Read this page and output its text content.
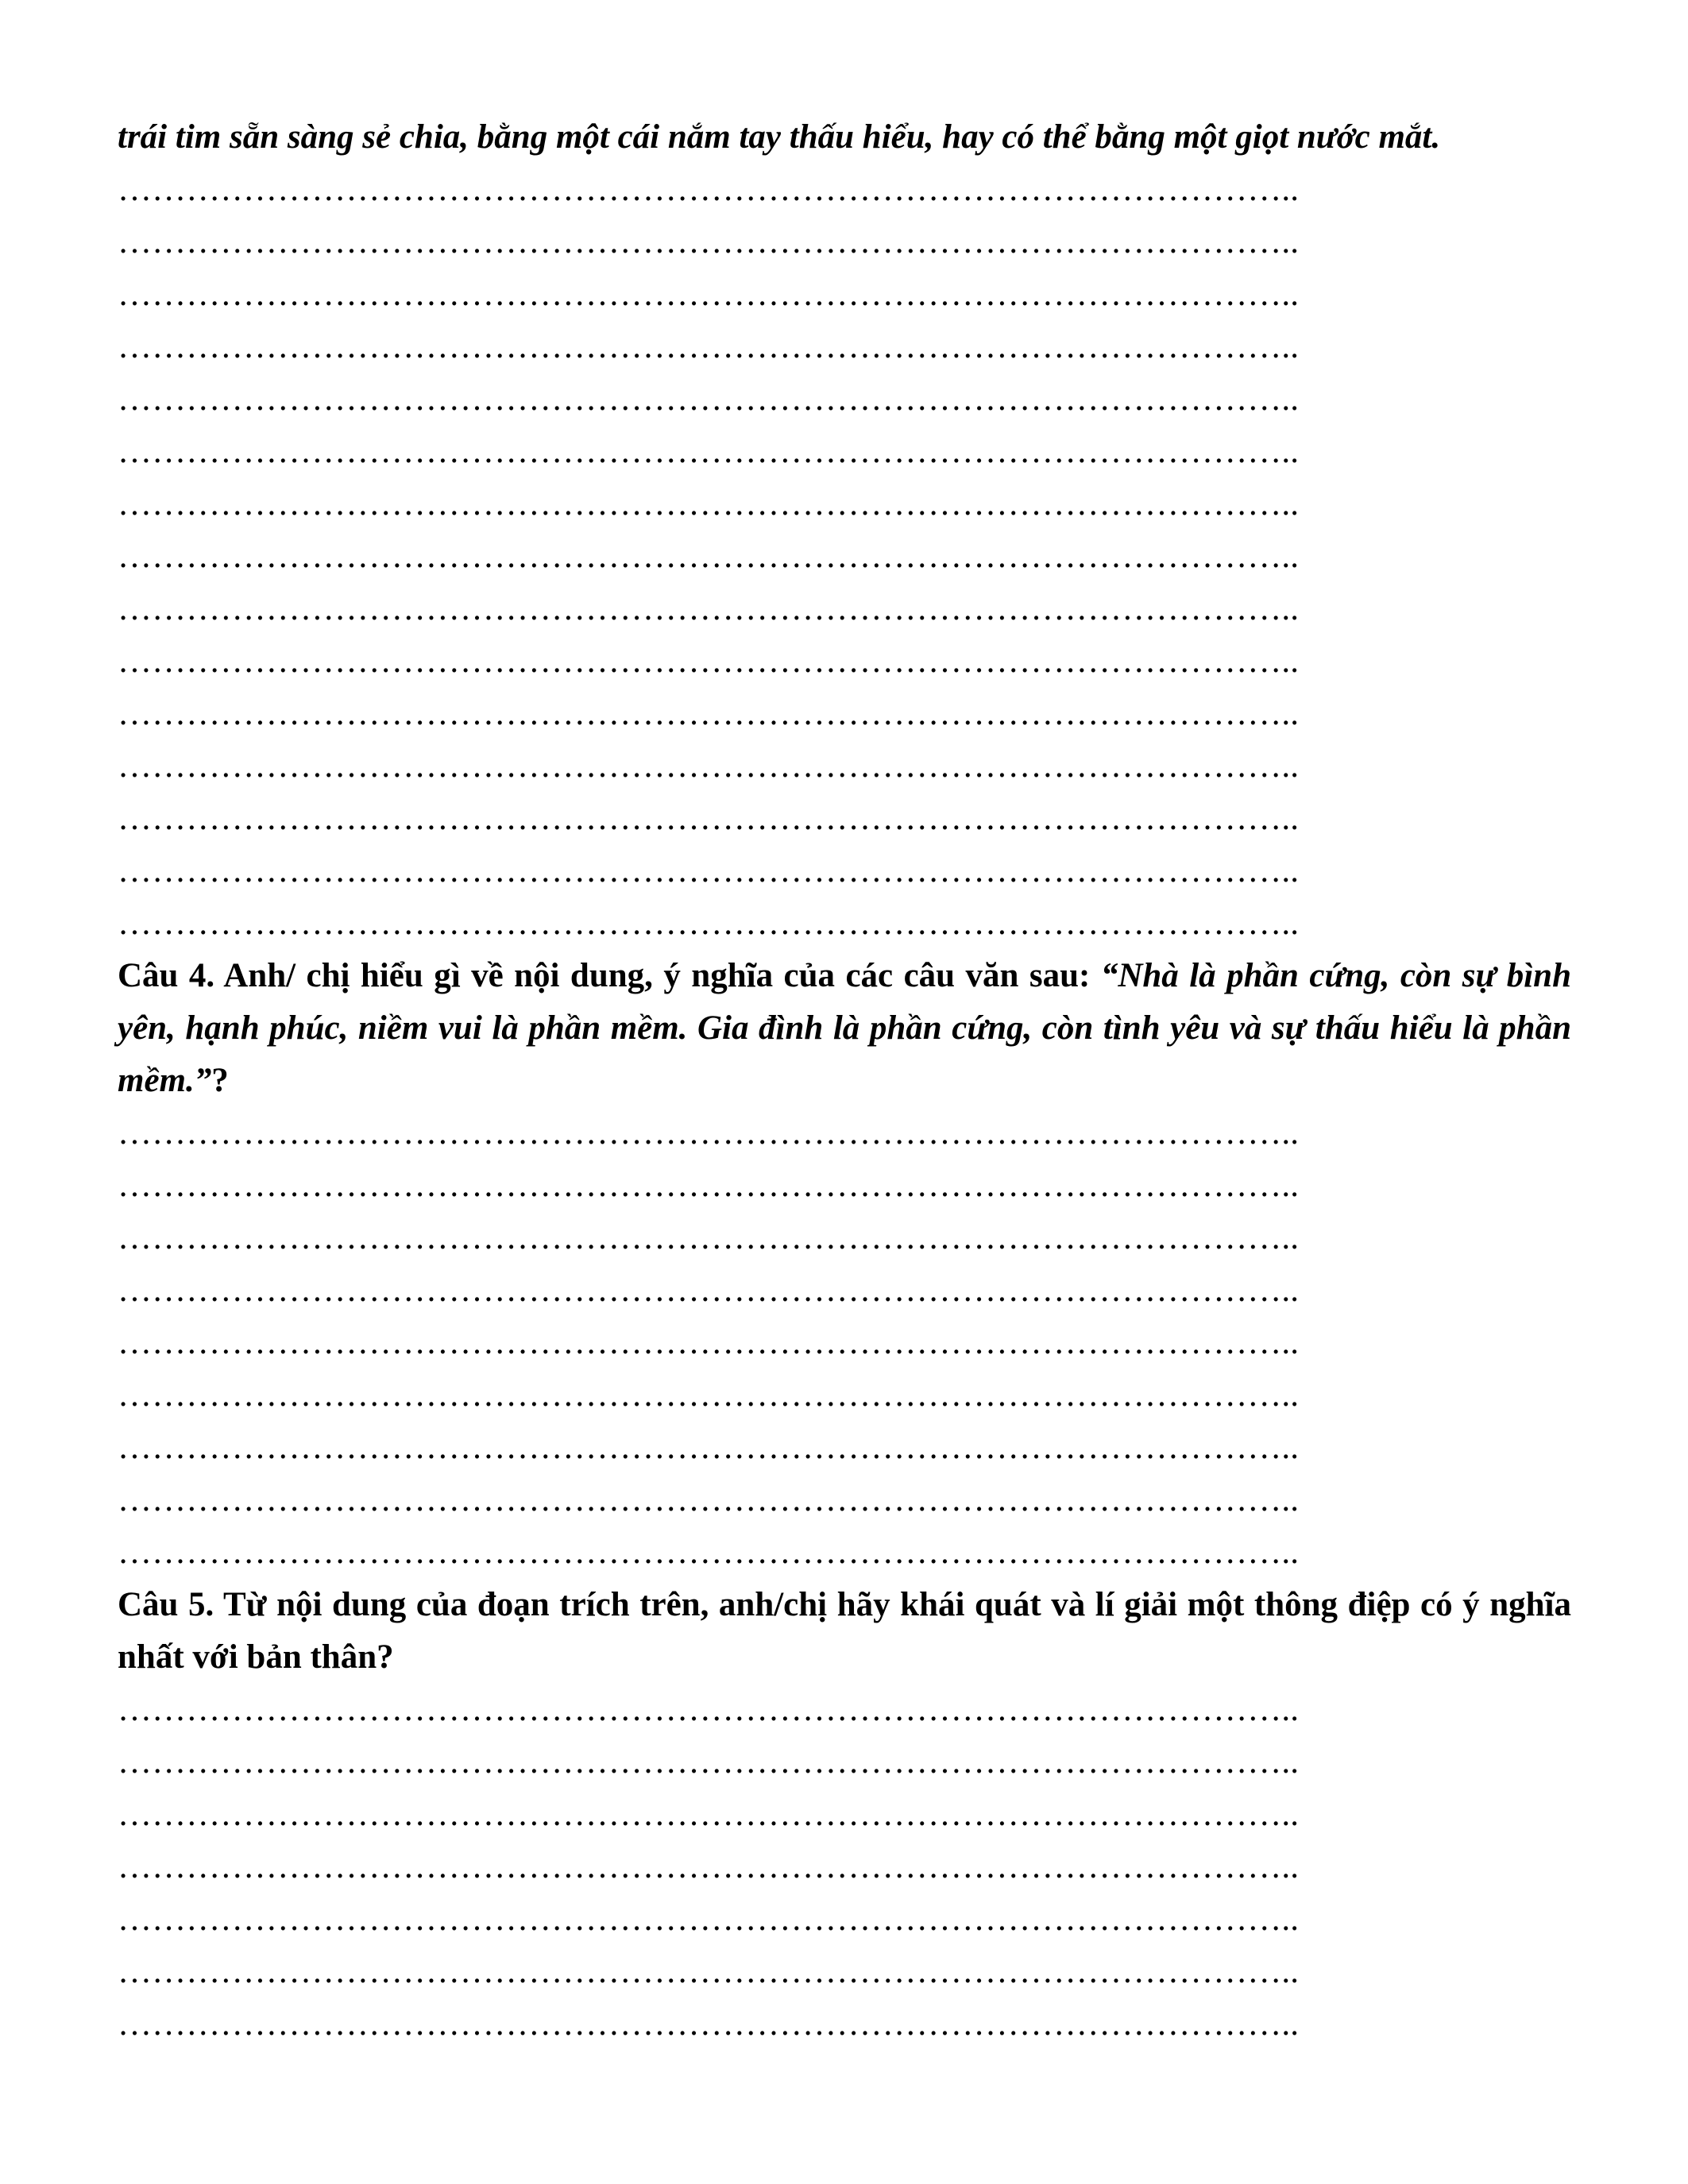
trái tim sẵn sàng sẻ chia, bằng một cái nắm tay thấu hiểu, hay có thể bằng một giọt nước mắt.

…………………………………………………………………………………………..
…………………………………………………………………………………………..
…………………………………………………………………………………………..
…………………………………………………………………………………………..
…………………………………………………………………………………………..
…………………………………………………………………………………………..
…………………………………………………………………………………………..
…………………………………………………………………………………………..
…………………………………………………………………………………………..
…………………………………………………………………………………………..
…………………………………………………………………………………………..
…………………………………………………………………………………………..
…………………………………………………………………………………………..
…………………………………………………………………………………………..
…………………………………………………………………………………………..

Câu 4. Anh/ chị hiểu gì về nội dung, ý nghĩa của các câu văn sau: “Nhà là phần cứng, còn sự bình yên, hạnh phúc, niềm vui là phần mềm. Gia đình là phần cứng, còn tình yêu và sự thấu hiểu là phần mềm.”?

…………………………………………………………………………………………..
…………………………………………………………………………………………..
…………………………………………………………………………………………..
…………………………………………………………………………………………..
…………………………………………………………………………………………..
…………………………………………………………………………………………..
…………………………………………………………………………………………..
…………………………………………………………………………………………..
…………………………………………………………………………………………..

Câu 5. Từ nội dung của đoạn trích trên, anh/chị hãy khái quát và lí giải một thông điệp có ý nghĩa nhất với bản thân?

…………………………………………………………………………………………..
…………………………………………………………………………………………..
…………………………………………………………………………………………..
…………………………………………………………………………………………..
…………………………………………………………………………………………..
…………………………………………………………………………………………..
…………………………………………………………………………………………..
